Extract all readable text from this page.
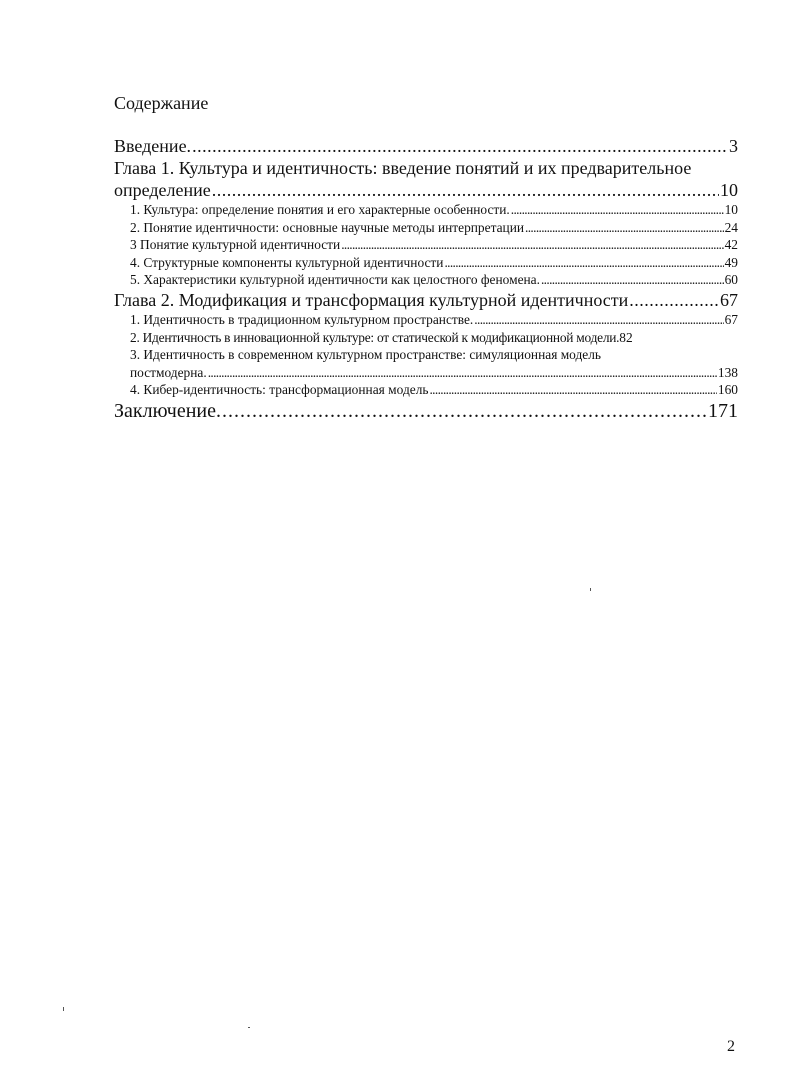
Содержание
Введение. . . .	3
Глава 1. Культура и идентичность: введение понятий и их предварительное
определение . . .	10
1. Культура: определение понятия и его характерные особенности. . . .	10
2. Понятие идентичности: основные научные методы интерпретации . . .	24
3 Понятие культурной идентичности . . .	42
4. Структурные компоненты культурной идентичности . . .	49
5. Характеристики культурной идентичности как целостного феномена. . . .	60
Глава 2. Модификация и трансформация культурной идентичности . . .	67
1. Идентичность в традиционном культурном пространстве. . . .	67
2. Идентичность в инновационной культуре: от статической к модификационной модели. 82
3. Идентичность в современном культурном пространстве: симуляционная модель
постмодерна. . . .	138
4. Кибер-идентичность: трансформационная модель . . .	160
Заключение. . . .	171
2
